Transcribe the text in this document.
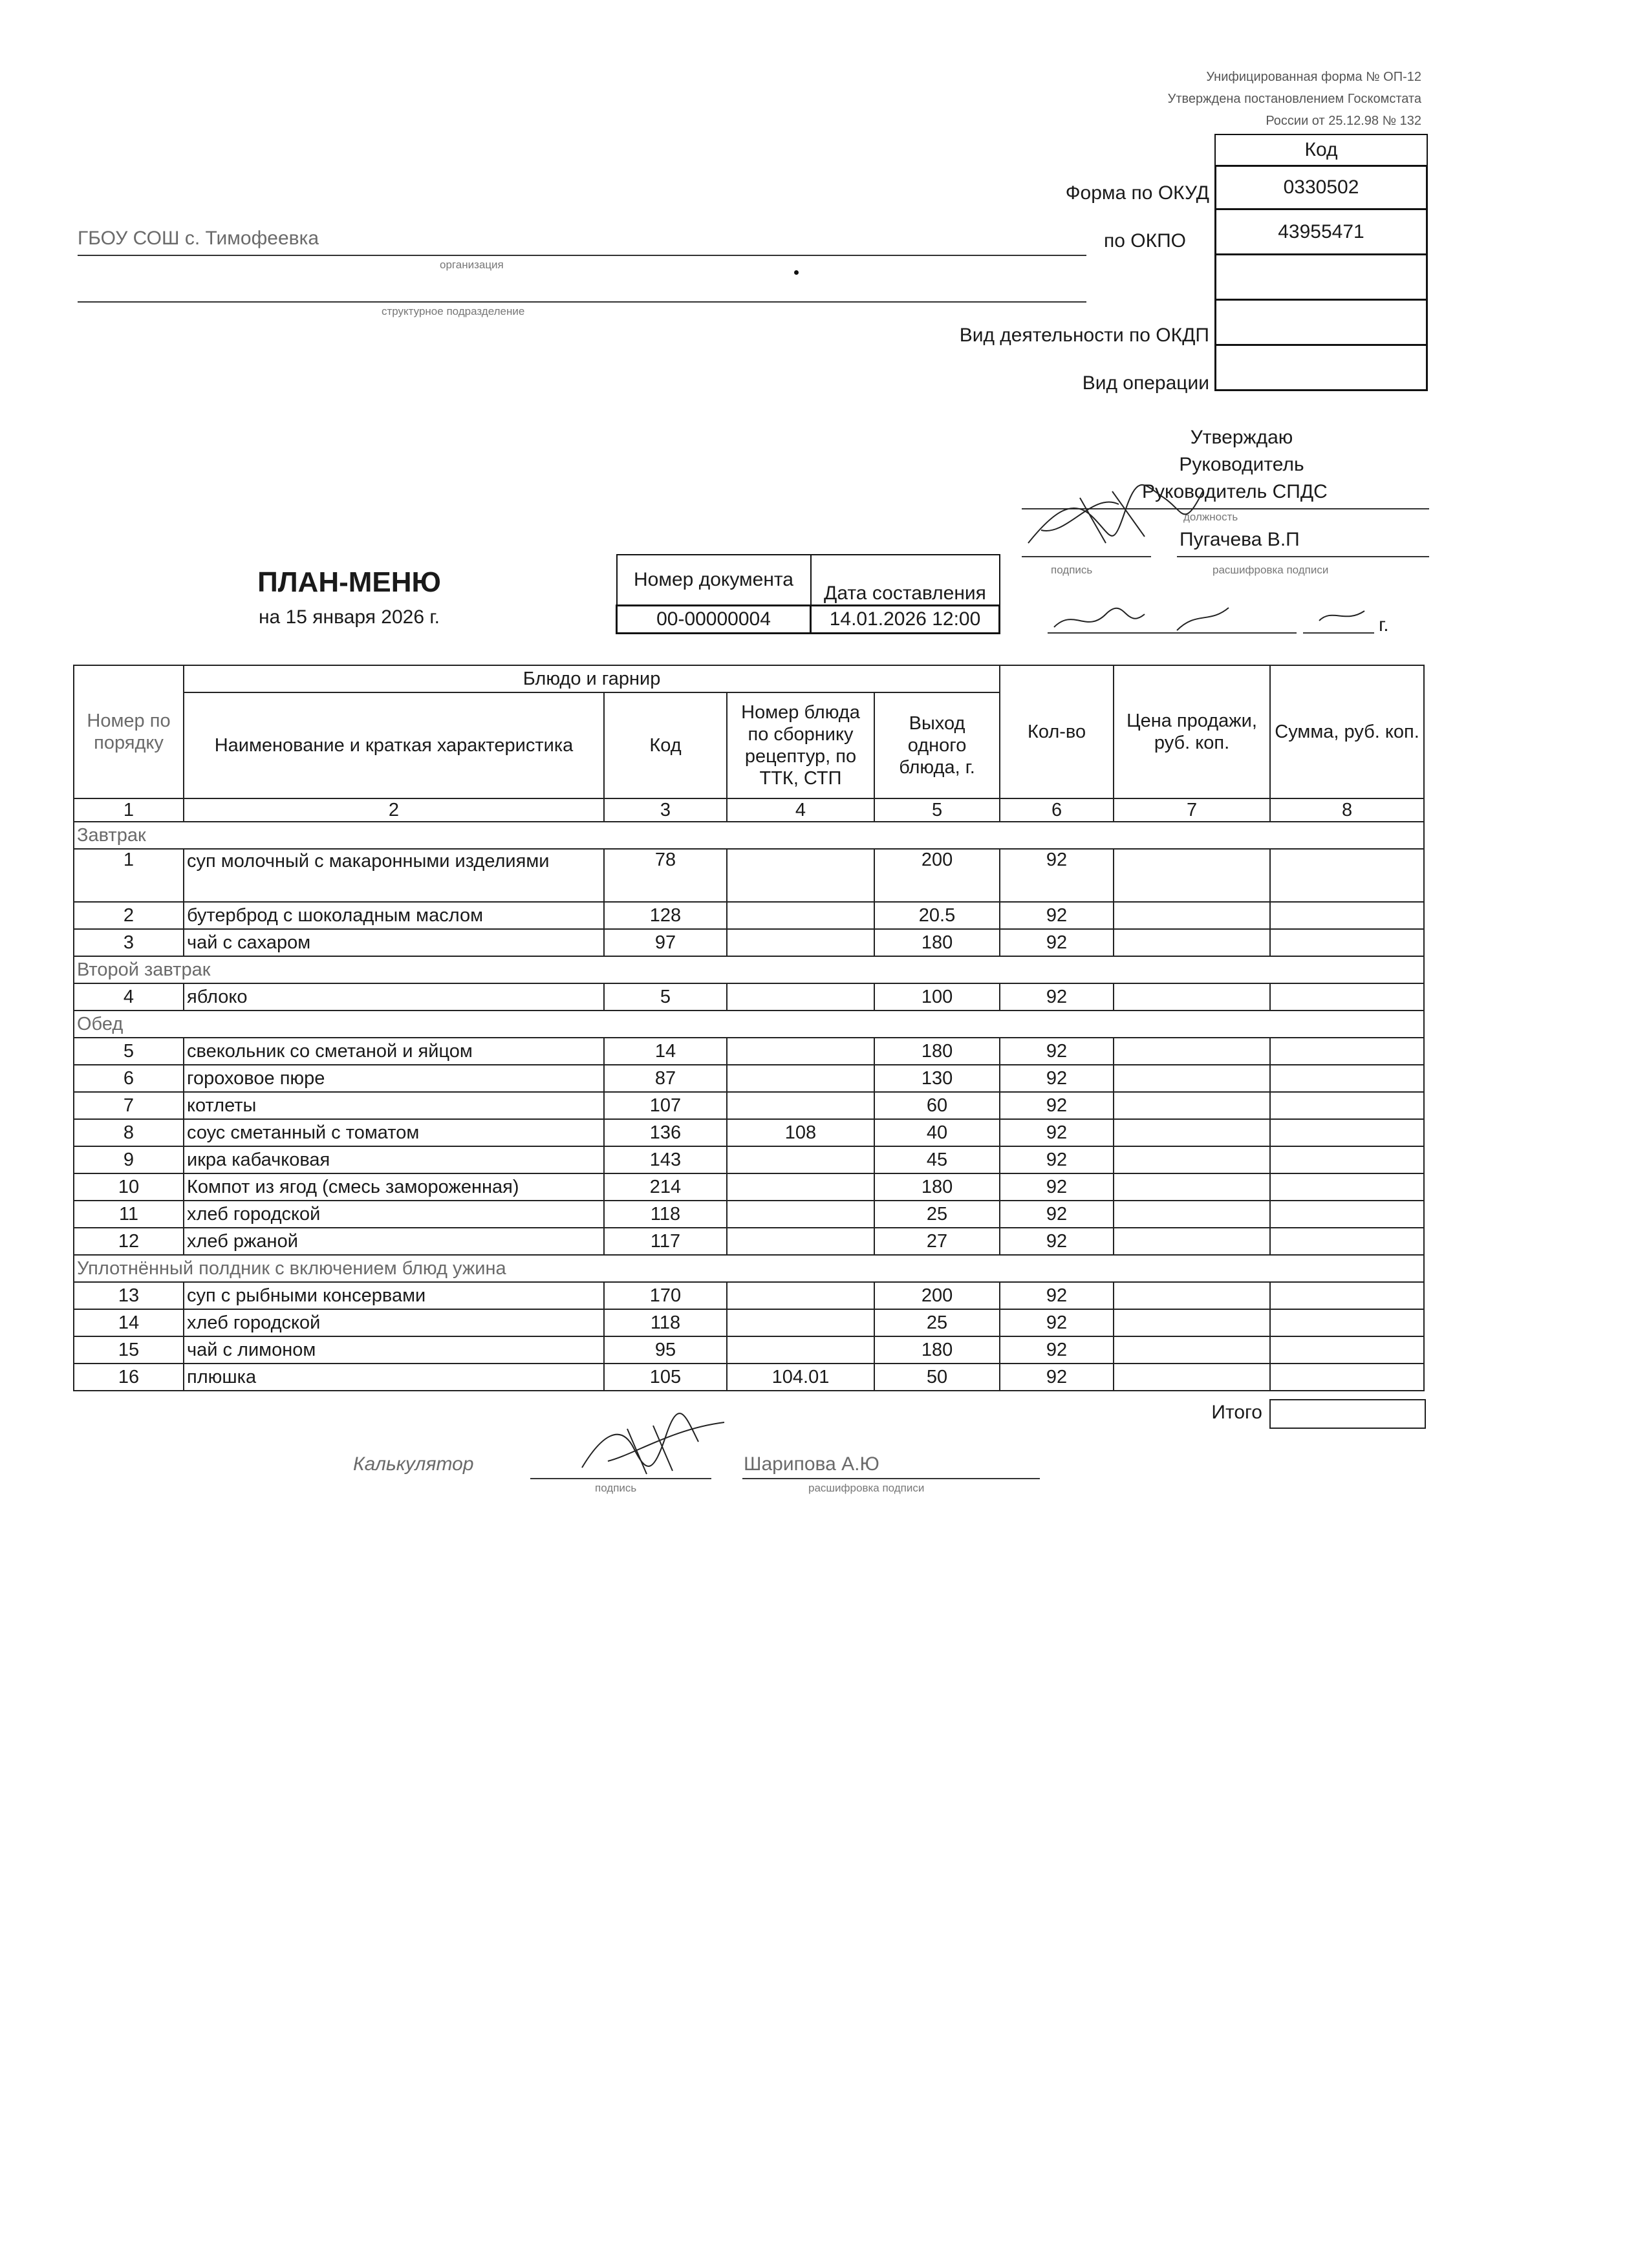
Унифицированная форма № ОП-12
Утверждена постановлением Госкомстата
России от 25.12.98 № 132
Код
0330502
43955471
Форма по ОКУД
по ОКПО
Вид деятельности по ОКДП
Вид операции
ГБОУ СОШ с. Тимофеевка
организация
структурное подразделение
Утверждаю
Руководитель
Руководитель СПДС
должность
Пугачева В.П
подпись	расшифровка подписи
г.
ПЛАН-МЕНЮ
на 15 января 2026 г.
Номер документа	Дата составления
00-00000004	14.01.2026 12:00
Номер по порядку	Блюдо и гарнир				Кол-во	Цена продажи, руб. коп.	Сумма, руб. коп.
	Наименование и краткая характеристика	Код	Номер блюда по сборнику рецептур, по ТТК, СТП	Выход одного блюда, г.			
1	2	3	4	5	6	7	8
Завтрак							
1	суп молочный с макаронными изделиями	78		200	92		
2	бутерброд с шоколадным маслом	128		20.5	92		
3	чай с сахаром	97		180	92		
Второй завтрак							
4	яблоко	5		100	92		
Обед							
5	свекольник со сметаной и яйцом	14		180	92		
6	гороховое пюре	87		130	92		
7	котлеты	107		60	92		
8	соус сметанный с томатом	136	108	40	92		
9	икра кабачковая	143		45	92		
10	Компот из ягод (смесь замороженная)	214		180	92		
11	хлеб городской	118		25	92		
12	хлеб ржаной	117		27	92		
Уплотнённый полдник с включением блюд ужина							
13	суп с рыбными консервами	170		200	92		
14	хлеб городской	118		25	92		
15	чай с лимоном	95		180	92		
16	плюшка	105	104.01	50	92		
Итого
Калькулятор	Шарипова А.Ю
подпись	расшифровка подписи
